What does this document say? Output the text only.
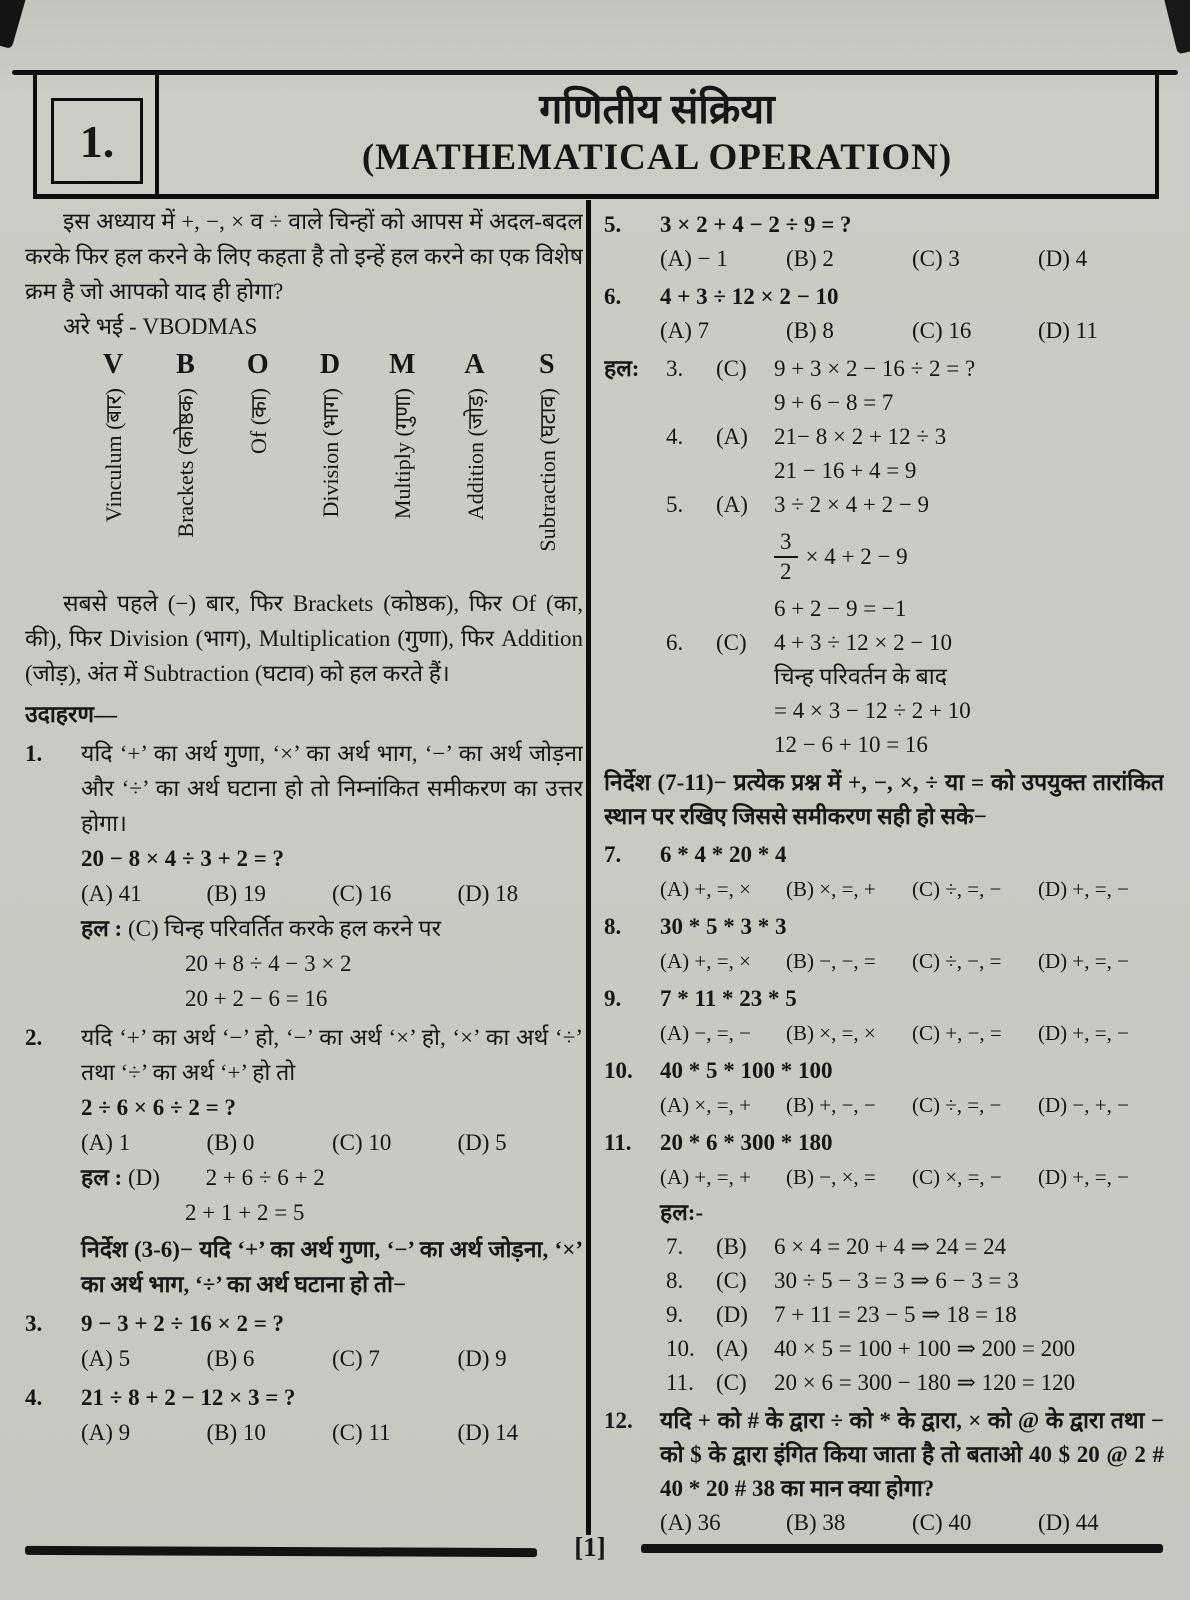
1.
गणितीय संक्रिया
(MATHEMATICAL OPERATION)

इस अध्याय में +, −, × व ÷ वाले चिन्हों को आपस में अदल-बदल करके फिर हल करने के लिए कहता है तो इन्हें हल करने का एक विशेष क्रम है जो आपको याद ही होगा?

अरे भई - VBODMAS

V
Vinculum (बार)
B
Brackets (कोष्ठक)
O
Of (का)
D
Division (भाग)
M
Multiply (गुणा)
A
Addition (जोड़)
S
Subtraction (घटाव)

सबसे पहले (−) बार, फिर Brackets (कोष्ठक), फिर Of (का, की), फिर Division (भाग), Multiplication (गुणा), फिर Addition (जोड़), अंत में Subtraction (घटाव) को हल करते हैं।

उदाहरण—

1.	यदि ‘+’ का अर्थ गुणा, ‘×’ का अर्थ भाग, ‘−’ का अर्थ जोड़ना और ‘÷’ का अर्थ घटाना हो तो निम्नांकित समीकरण का उत्तर होगा।

20 − 8 × 4 ÷ 3 + 2 = ?

(A) 41	(B) 19	(C) 16	(D) 18
हल : (C) चिन्ह परिवर्तित करके हल करने पर
20 + 8 ÷ 4 − 3 × 2
20 + 2 − 6 = 16
2.	यदि ‘+’ का अर्थ ‘−’ हो, ‘−’ का अर्थ ‘×’ हो, ‘×’ का अर्थ ‘÷’ तथा ‘÷’ का अर्थ ‘+’ हो तो

2 ÷ 6 × 6 ÷ 2 = ?

(A) 1	(B) 0	(C) 10	(D) 5
हल : (D) 2 + 6 ÷ 6 + 2
2 + 1 + 2 = 5

निर्देश (3-6)− यदि ‘+’ का अर्थ गुणा, ‘−’ का अर्थ जोड़ना, ‘×’ का अर्थ भाग, ‘÷’ का अर्थ घटाना हो तो−

3.	9 − 3 + 2 ÷ 16 × 2 = ?

(A) 5	(B) 6	(C) 7	(D) 9
4.	21 ÷ 8 + 2 − 12 × 3 = ?

(A) 9	(B) 10	(C) 11	(D) 14
5.	3 × 2 + 4 − 2 ÷ 9 = ?

(A) − 1	(B) 2	(C) 3	(D) 4
6.	4 + 3 ÷ 12 × 2 − 10

(A) 7	(B) 8	(C) 16	(D) 11
हल:	3.	(C)	9 + 3 × 2 − 16 ÷ 2 = ?
9 + 6 − 8 = 7
4.	(A)	21− 8 × 2 + 12 ÷ 3
21 − 16 + 4 = 9
5.	(A)	3 ÷ 2 × 4 + 2 − 9
$\frac{3}{2} \times 4 + 2 - 9$
6 + 2 − 9 = −1
6.	(C)	4 + 3 ÷ 12 × 2 − 10
चिन्ह परिवर्तन के बाद
= 4 × 3 − 12 ÷ 2 + 10
12 − 6 + 10 = 16

निर्देश (7-11)− प्रत्येक प्रश्न में +, −, ×, ÷ या = को उपयुक्त तारांकित स्थान पर रखिए जिससे समीकरण सही हो सके−

7.	6 * 4 * 20 * 4

(A) +, =, ×	(B) ×, =, +	(C) ÷, =, −	(D) +, =, −
8.	30 * 5 * 3 * 3

(A) +, =, ×	(B) −, −, =	(C) ÷, −, =	(D) +, =, −
9.	7 * 11 * 23 * 5

(A) −, =, −	(B) ×, =, ×	(C) +, −, =	(D) +, =, −
10.	40 * 5 * 100 * 100

(A) ×, =, +	(B) +, −, −	(C) ÷, =, −	(D) −, +, −
11.	20 * 6 * 300 * 180

(A) +, =, +	(B) −, ×, =	(C) ×, =, −	(D) +, =, −

हल:-

7.	(B)	6 × 4 = 20 + 4 ⇒ 24 = 24
8.	(C)	30 ÷ 5 − 3 = 3 ⇒ 6 − 3 = 3
9.	(D)	7 + 11 = 23 − 5 ⇒ 18 = 18
10. (A)	40 × 5 = 100 + 100 ⇒ 200 = 200
11. (C)	20 × 6 = 300 − 180 ⇒ 120 = 120
12.	यदि + को # के द्वारा ÷ को * के द्वारा, × को @ के द्वारा तथा − को $ के द्वारा इंगित किया जाता है तो बताओ 40 $ 20 @ 2 # 40 * 20 # 38 का मान क्या होगा?

(A) 36	(B) 38	(C) 40	(D) 44
[1]
